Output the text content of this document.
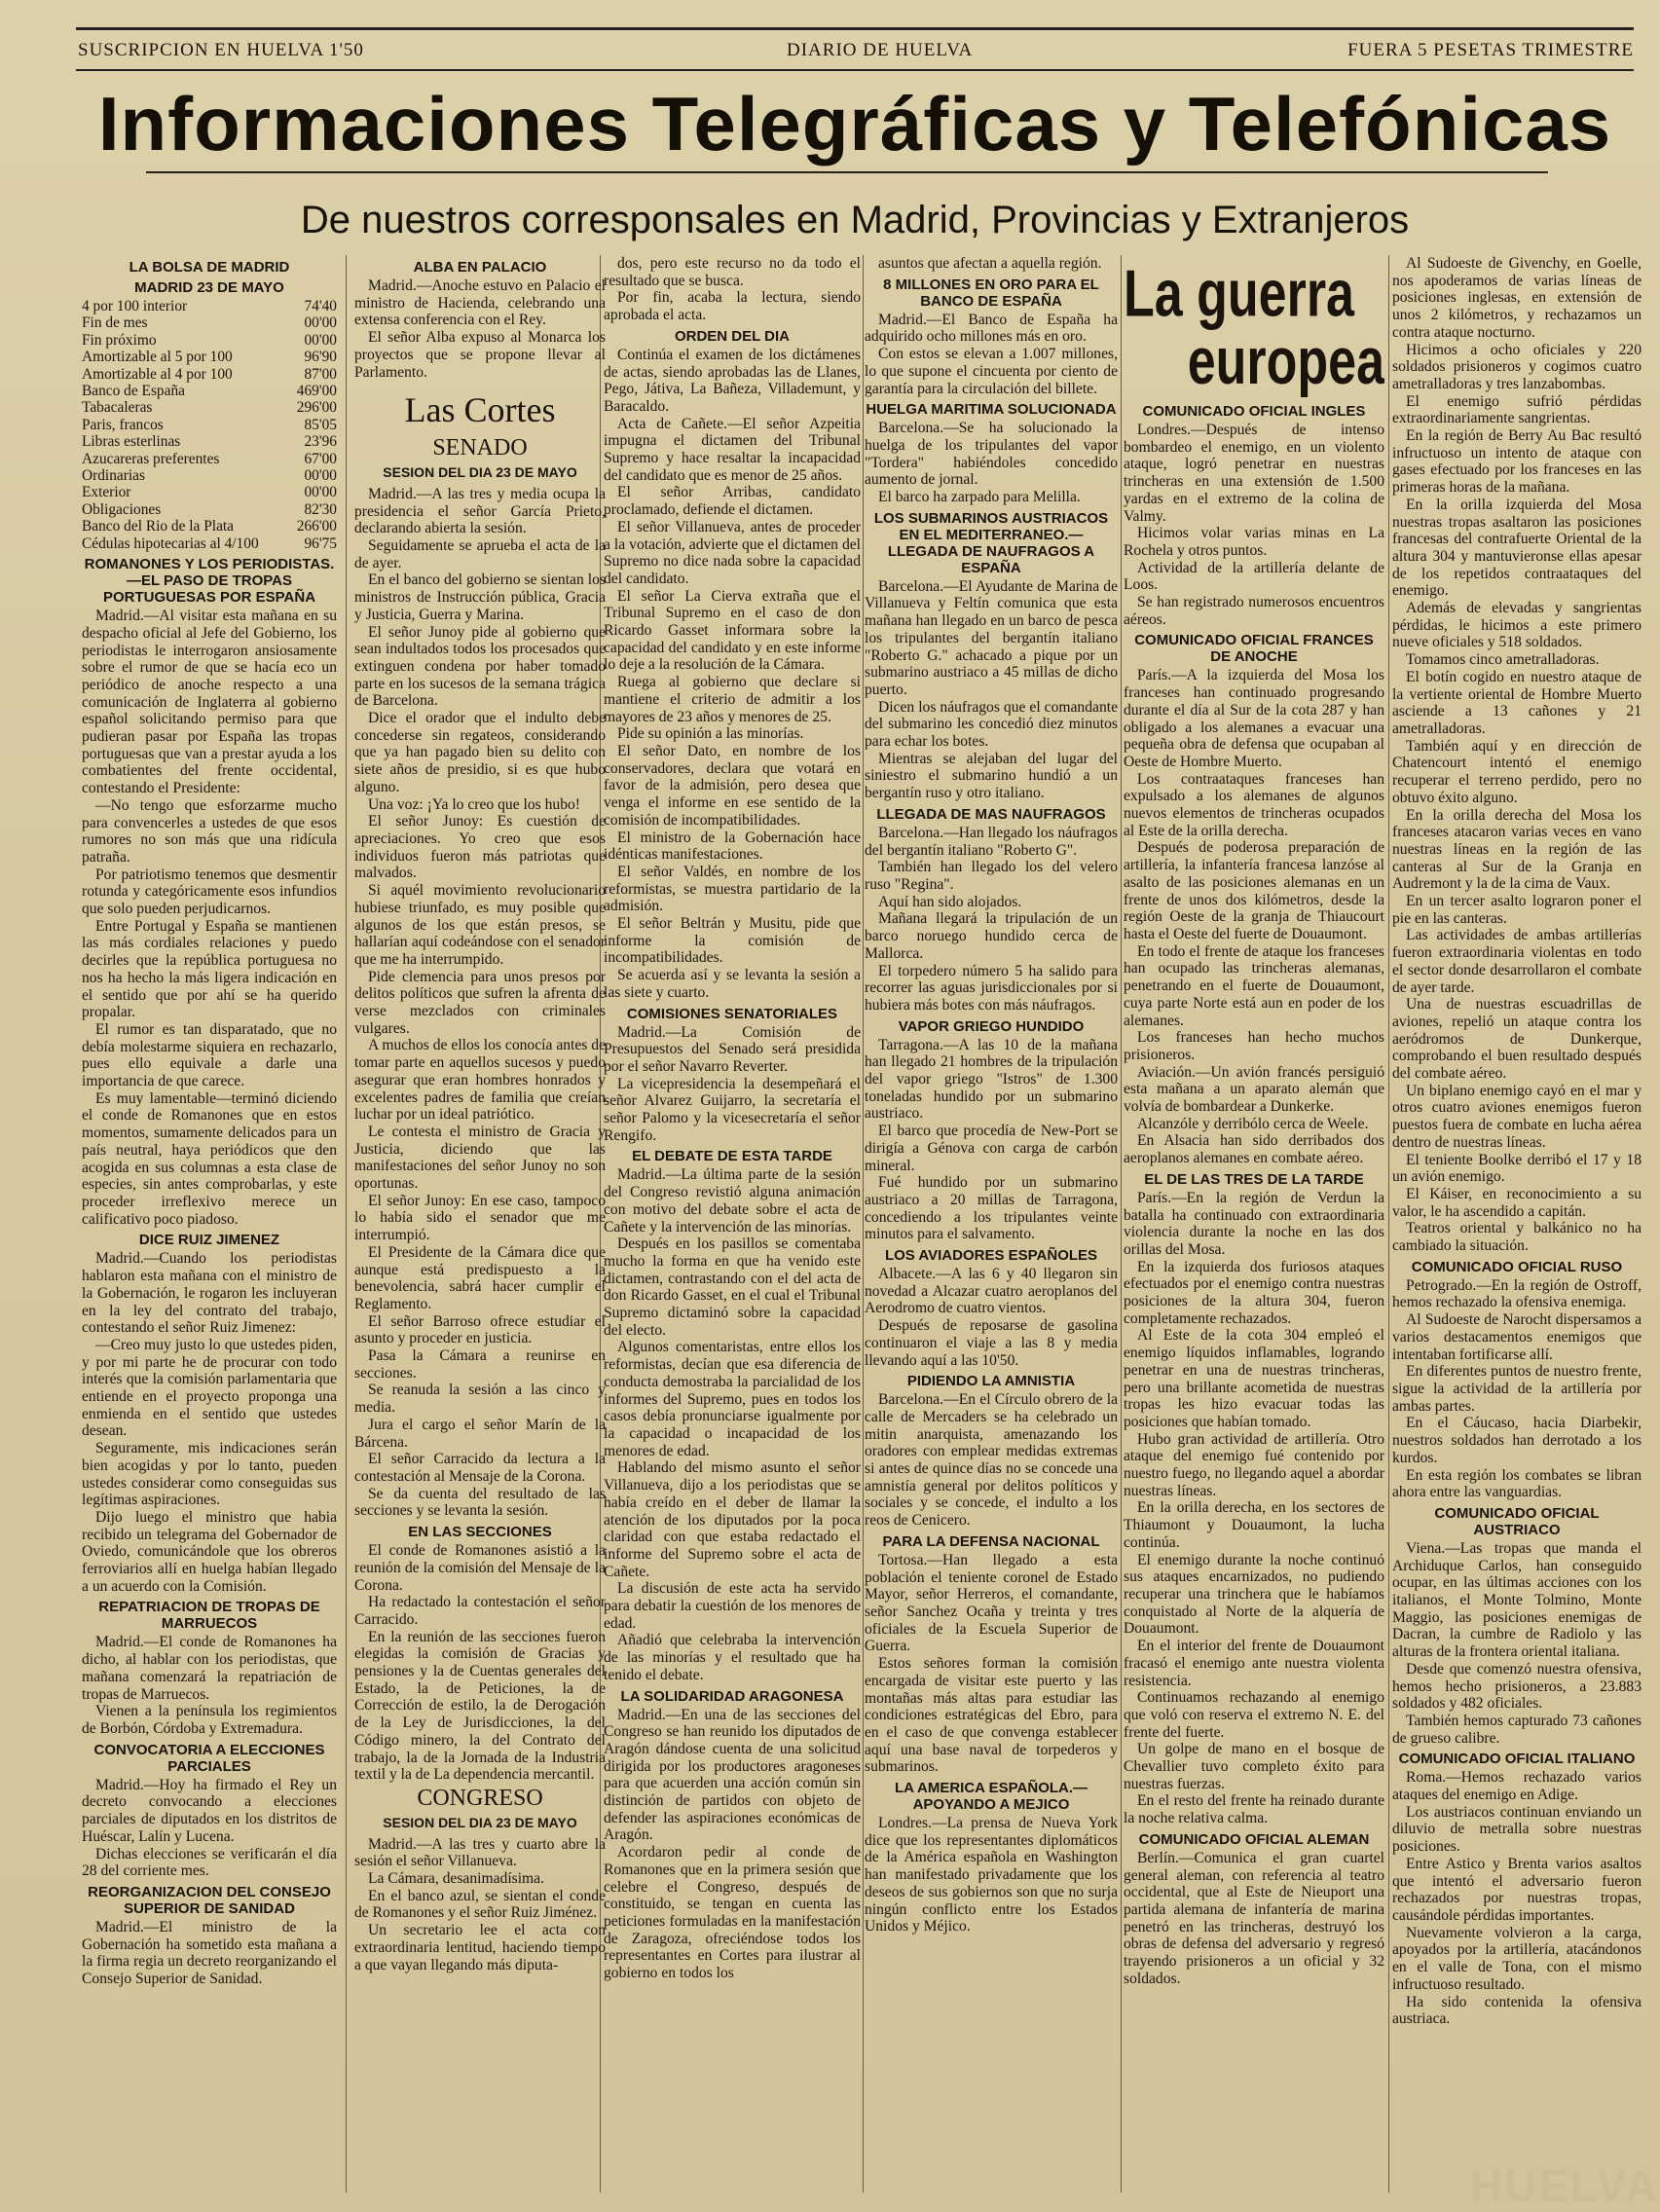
SUSCRIPCION EN HUELVA 1'50	DIARIO DE HUELVA	FUERA 5 PESETAS TRIMESTRE
Informaciones Telegráficas y Telefónicas
De nuestros corresponsales en Madrid, Provincias y Extranjeros
LA BOLSA DE MADRID
MADRID 23 DE MAYO
4 por 100 interior	74'40
Fin de mes	00'00
Fin próximo	00'00
Amortizable al 5 por 100	96'90
Amortizable al 4 por 100	87'00
Banco de España	469'00
Tabacaleras	296'00
Paris, francos	85'05
Libras esterlinas	23'96
Azucareras preferentes	67'00
Ordinarias	00'00
Exterior	00'00
Obligaciones	82'30
Banco del Rio de la Plata	266'00
Cédulas hipotecarias al 4/100	96'75
ROMANONES Y LOS PERIODISTAS.—EL PASO DE TROPAS PORTUGUESAS POR ESPAÑA

Madrid.—Al visitar esta mañana en su despacho oficial al Jefe del Gobierno, los periodistas le interrogaron ansiosamente sobre el rumor de que se hacía eco un periódico de anoche respecto a una comunicación de Inglaterra al gobierno español solicitando permiso para que pudieran pasar por España las tropas portuguesas que van a prestar ayuda a los combatientes del frente occidental, contestando el Presidente:

—No tengo que esforzarme mucho para convencerles a ustedes de que esos rumores no son más que una ridícula patraña.

Por patriotismo tenemos que desmentir rotunda y categóricamente esos infundios que solo pueden perjudicarnos.

Entre Portugal y España se mantienen las más cordiales relaciones y puedo decirles que la república portuguesa no nos ha hecho la más ligera indicación en el sentido que por ahí se ha querido propalar.

El rumor es tan disparatado, que no debía molestarme siquiera en rechazarlo, pues ello equivale a darle una importancia de que carece.

Es muy lamentable—terminó diciendo el conde de Romanones que en estos momentos, sumamente delicados para un país neutral, haya periódicos que den acogida en sus columnas a esta clase de especies, sin antes comprobarlas, y este proceder irreflexivo merece un calificativo poco piadoso.

DICE RUIZ JIMENEZ

Madrid.—Cuando los periodistas hablaron esta mañana con el ministro de la Gobernación, le rogaron les incluyeran en la ley del contrato del trabajo, contestando el señor Ruiz Jimenez:

—Creo muy justo lo que ustedes piden, y por mi parte he de procurar con todo interés que la comisión parlamentaria que entiende en el proyecto proponga una enmienda en el sentido que ustedes desean.

Seguramente, mis indicaciones serán bien acogidas y por lo tanto, pueden ustedes considerar como conseguidas sus legítimas aspiraciones.

Dijo luego el ministro que habia recibido un telegrama del Gobernador de Oviedo, comunicándole que los obreros ferroviarios allí en huelga habían llegado a un acuerdo con la Comisión.

REPATRIACION DE TROPAS DE MARRUECOS

Madrid.—El conde de Romanones ha dicho, al hablar con los periodistas, que mañana comenzará la repatriación de tropas de Marruecos.

Vienen a la península los regimientos de Borbón, Córdoba y Extremadura.

CONVOCATORIA A ELECCIONES PARCIALES

Madrid.—Hoy ha firmado el Rey un decreto convocando a elecciones parciales de diputados en los distritos de Huéscar, Lalín y Lucena.

Dichas elecciones se verificarán el día 28 del corriente mes.

REORGANIZACION DEL CONSEJO SUPERIOR DE SANIDAD

Madrid.—El ministro de la Gobernación ha sometido esta mañana a la firma regia un decreto reorganizando el Consejo Superior de Sanidad.

ALBA EN PALACIO

Madrid.—Anoche estuvo en Palacio el ministro de Hacienda, celebrando una extensa conferencia con el Rey.

El señor Alba expuso al Monarca los proyectos que se propone llevar al Parlamento.

Las Cortes
SENADO
SESION DEL DIA 23 DE MAYO

Madrid.—A las tres y media ocupa la presidencia el señor García Prieto, declarando abierta la sesión.

Seguidamente se aprueba el acta de la de ayer.

En el banco del gobierno se sientan los ministros de Instrucción pública, Gracia y Justicia, Guerra y Marina.

El señor Junoy pide al gobierno que sean indultados todos los procesados que extinguen condena por haber tomado parte en los sucesos de la semana trágica de Barcelona.

Dice el orador que el indulto debe concederse sin regateos, considerando que ya han pagado bien su delito con siete años de presidio, si es que hubo alguno.

Una voz: ¡Ya lo creo que los hubo!

El señor Junoy: Es cuestión de apreciaciones. Yo creo que esos individuos fueron más patriotas que malvados.

Si aquél movimiento revolucionario hubiese triunfado, es muy posible que algunos de los que están presos, se hallarían aquí codeándose con el senador que me ha interrumpido.

Pide clemencia para unos presos por delitos políticos que sufren la afrenta de verse mezclados con criminales vulgares.

A muchos de ellos los conocía antes de tomar parte en aquellos sucesos y puedo asegurar que eran hombres honrados y excelentes padres de familia que creían luchar por un ideal patriótico.

Le contesta el ministro de Gracia y Justicia, diciendo que las manifestaciones del señor Junoy no son oportunas.

El señor Junoy: En ese caso, tampoco lo había sido el senador que me interrumpió.

El Presidente de la Cámara dice que aunque está predispuesto a la benevolencia, sabrá hacer cumplir el Reglamento.

El señor Barroso ofrece estudiar el asunto y proceder en justicia.

Pasa la Cámara a reunirse en secciones.

Se reanuda la sesión a las cinco y media.

Jura el cargo el señor Marín de la Bárcena.

El señor Carracido da lectura a la contestación al Mensaje de la Corona.

Se da cuenta del resultado de las secciones y se levanta la sesión.

EN LAS SECCIONES

El conde de Romanones asistió a la reunión de la comisión del Mensaje de la Corona.

Ha redactado la contestación el señor Carracido.

En la reunión de las secciones fueron elegidas la comisión de Gracias y pensiones y la de Cuentas generales del Estado, la de Peticiones, la de Corrección de estilo, la de Derogación de la Ley de Jurisdicciones, la del Código minero, la del Contrato del trabajo, la de la Jornada de la Industria textil y la de La dependencia mercantil.

CONGRESO
SESION DEL DIA 23 DE MAYO

Madrid.—A las tres y cuarto abre la sesión el señor Villanueva.

La Cámara, desanimadísima.

En el banco azul, se sientan el conde de Romanones y el señor Ruiz Jiménez.

Un secretario lee el acta con extraordinaria lentitud, haciendo tiempo a que vayan llegando más diputa-

dos, pero este recurso no da todo el resultado que se busca.

Por fin, acaba la lectura, siendo aprobada el acta.

ORDEN DEL DIA

Continúa el examen de los dictámenes de actas, siendo aprobadas las de Llanes, Pego, Játiva, La Bañeza, Villademunt, y Baracaldo.

Acta de Cañete.—El señor Azpeitia impugna el dictamen del Tribunal Supremo y hace resaltar la incapacidad del candidato que es menor de 25 años.

El señor Arribas, candidato proclamado, defiende el dictamen.

El señor Villanueva, antes de proceder a la votación, advierte que el dictamen del Supremo no dice nada sobre la capacidad del candidato.

El señor La Cierva extraña que el Tribunal Supremo en el caso de don Ricardo Gasset informara sobre la capacidad del candidato y en este informe lo deje a la resolución de la Cámara.

Ruega al gobierno que declare si mantiene el criterio de admitir a los mayores de 23 años y menores de 25.

Pide su opinión a las minorías.

El señor Dato, en nombre de los conservadores, declara que votará en favor de la admisión, pero desea que venga el informe en ese sentido de la comisión de incompatibilidades.

El ministro de la Gobernación hace idénticas manifestaciones.

El señor Valdés, en nombre de los reformistas, se muestra partidario de la admisión.

El señor Beltrán y Musitu, pide que informe la comisión de incompatibilidades.

Se acuerda así y se levanta la sesión a las siete y cuarto.

COMISIONES SENATORIALES

Madrid.—La Comisión de Presupuestos del Senado será presidida por el señor Navarro Reverter.

La vicepresidencia la desempeñará el señor Alvarez Guijarro, la secretaría el señor Palomo y la vicesecretaría el señor Rengifo.

EL DEBATE DE ESTA TARDE

Madrid.—La última parte de la sesión del Congreso revistió alguna animación con motivo del debate sobre el acta de Cañete y la intervención de las minorías.

Después en los pasillos se comentaba mucho la forma en que ha venido este dictamen, contrastando con el del acta de don Ricardo Gasset, en el cual el Tribunal Supremo dictaminó sobre la capacidad del electo.

Algunos comentaristas, entre ellos los reformistas, decían que esa diferencia de conducta demostraba la parcialidad de los informes del Supremo, pues en todos los casos debía pronunciarse igualmente por la capacidad o incapacidad de los menores de edad.

Hablando del mismo asunto el señor Villanueva, dijo a los periodistas que se había creído en el deber de llamar la atención de los diputados por la poca claridad con que estaba redactado el informe del Supremo sobre el acta de Cañete.

La discusión de este acta ha servido para debatir la cuestión de los menores de edad.

Añadió que celebraba la intervención de las minorías y el resultado que ha tenido el debate.

LA SOLIDARIDAD ARAGONESA

Madrid.—En una de las secciones del Congreso se han reunido los diputados de Aragón dándose cuenta de una solicitud dirigida por los productores aragoneses para que acuerden una acción común sin distinción de partidos con objeto de defender las aspiraciones económicas de Aragón.

Acordaron pedir al conde de Romanones que en la primera sesión que celebre el Congreso, después de constituido, se tengan en cuenta las peticiones formuladas en la manifestación de Zaragoza, ofreciéndose todos los representantes en Cortes para ilustrar al gobierno en todos los

asuntos que afectan a aquella región.

8 MILLONES EN ORO PARA EL BANCO DE ESPAÑA

Madrid.—El Banco de España ha adquirido ocho millones más en oro.

Con estos se elevan a 1.007 millones, lo que supone el cincuenta por ciento de garantía para la circulación del billete.

HUELGA MARITIMA SOLUCIONADA

Barcelona.—Se ha solucionado la huelga de los tripulantes del vapor "Tordera" habiéndoles concedido aumento de jornal.

El barco ha zarpado para Melilla.

LOS SUBMARINOS AUSTRIACOS EN EL MEDITERRANEO.—LLEGADA DE NAUFRAGOS A ESPAÑA

Barcelona.—El Ayudante de Marina de Villanueva y Feltín comunica que esta mañana han llegado en un barco de pesca los tripulantes del bergantín italiano "Roberto G." achacado a pique por un submarino austriaco a 45 millas de dicho puerto.

Dicen los náufragos que el comandante del submarino les concedió diez minutos para echar los botes.

Mientras se alejaban del lugar del siniestro el submarino hundió a un bergantín ruso y otro italiano.

LLEGADA DE MAS NAUFRAGOS

Barcelona.—Han llegado los náufragos del bergantín italiano "Roberto G".

También han llegado los del velero ruso "Regina".

Aquí han sido alojados.

Mañana llegará la tripulación de un barco noruego hundido cerca de Mallorca.

El torpedero número 5 ha salido para recorrer las aguas jurisdiccionales por si hubiera más botes con más náufragos.

VAPOR GRIEGO HUNDIDO

Tarragona.—A las 10 de la mañana han llegado 21 hombres de la tripulación del vapor griego "Istros" de 1.300 toneladas hundido por un submarino austriaco.

El barco que procedía de New-Port se dirigía a Génova con carga de carbón mineral.

Fué hundido por un submarino austriaco a 20 millas de Tarragona, concediendo a los tripulantes veinte minutos para el salvamento.

LOS AVIADORES ESPAÑOLES

Albacete.—A las 6 y 40 llegaron sin novedad a Alcazar cuatro aeroplanos del Aerodromo de cuatro vientos.

Después de reposarse de gasolina continuaron el viaje a las 8 y media llevando aquí a las 10'50.

PIDIENDO LA AMNISTIA

Barcelona.—En el Círculo obrero de la calle de Mercaders se ha celebrado un mitin anarquista, amenazando los oradores con emplear medidas extremas si antes de quince días no se concede una amnistía general por delitos políticos y sociales y se concede, el indulto a los reos de Cenicero.

PARA LA DEFENSA NACIONAL

Tortosa.—Han llegado a esta población el teniente coronel de Estado Mayor, señor Herreros, el comandante, señor Sanchez Ocaña y treinta y tres oficiales de la Escuela Superior de Guerra.

Estos señores forman la comisión encargada de visitar este puerto y las montañas más altas para estudiar las condiciones estratégicas del Ebro, para en el caso de que convenga establecer aquí una base naval de torpederos y submarinos.

LA AMERICA ESPAÑOLA.—APOYANDO A MEJICO

Londres.—La prensa de Nueva York dice que los representantes diplomáticos de la América española en Washington han manifestado privadamente que los deseos de sus gobiernos son que no surja ningún conflicto entre los Estados Unidos y Méjico.

La guerra
europea
COMUNICADO OFICIAL INGLES

Londres.—Después de intenso bombardeo el enemigo, en un violento ataque, logró penetrar en nuestras trincheras en una extensión de 1.500 yardas en el extremo de la colina de Valmy.

Hicimos volar varias minas en La Rochela y otros puntos.

Actividad de la artillería delante de Loos.

Se han registrado numerosos encuentros aéreos.

COMUNICADO OFICIAL FRANCES DE ANOCHE

París.—A la izquierda del Mosa los franceses han continuado progresando durante el día al Sur de la cota 287 y han obligado a los alemanes a evacuar una pequeña obra de defensa que ocupaban al Oeste de Hombre Muerto.

Los contraataques franceses han expulsado a los alemanes de algunos nuevos elementos de trincheras ocupados al Este de la orilla derecha.

Después de poderosa preparación de artillería, la infantería francesa lanzóse al asalto de las posiciones alemanas en un frente de unos dos kilómetros, desde la región Oeste de la granja de Thiaucourt hasta el Oeste del fuerte de Douaumont.

En todo el frente de ataque los franceses han ocupado las trincheras alemanas, penetrando en el fuerte de Douaumont, cuya parte Norte está aun en poder de los alemanes.

Los franceses han hecho muchos prisioneros.

Aviación.—Un avión francés persiguió esta mañana a un aparato alemán que volvía de bombardear a Dunkerke.

Alcanzóle y derribólo cerca de Weele.

En Alsacia han sido derribados dos aeroplanos alemanes en combate aéreo.

EL DE LAS TRES DE LA TARDE

París.—En la región de Verdun la batalla ha continuado con extraordinaria violencia durante la noche en las dos orillas del Mosa.

En la izquierda dos furiosos ataques efectuados por el enemigo contra nuestras posiciones de la altura 304, fueron completamente rechazados.

Al Este de la cota 304 empleó el enemigo líquidos inflamables, logrando penetrar en una de nuestras trincheras, pero una brillante acometida de nuestras tropas les hizo evacuar todas las posiciones que habían tomado.

Hubo gran actividad de artillería. Otro ataque del enemigo fué contenido por nuestro fuego, no llegando aquel a abordar nuestras líneas.

En la orilla derecha, en los sectores de Thiaumont y Douaumont, la lucha continúa.

El enemigo durante la noche continuó sus ataques encarnizados, no pudiendo recuperar una trinchera que le habíamos conquistado al Norte de la alquería de Douaumont.

En el interior del frente de Douaumont fracasó el enemigo ante nuestra violenta resistencia.

Continuamos rechazando al enemigo que voló con reserva el extremo N. E. del frente del fuerte.

Un golpe de mano en el bosque de Chevallier tuvo completo éxito para nuestras fuerzas.

En el resto del frente ha reinado durante la noche relativa calma.

COMUNICADO OFICIAL ALEMAN

Berlín.—Comunica el gran cuartel general aleman, con referencia al teatro occidental, que al Este de Nieuport una partida alemana de infantería de marina penetró en las trincheras, destruyó los obras de defensa del adversario y regresó trayendo prisioneros a un oficial y 32 soldados.

Al Sudoeste de Givenchy, en Goelle, nos apoderamos de varias líneas de posiciones inglesas, en extensión de unos 2 kilómetros, y rechazamos un contra ataque nocturno.

Hicimos a ocho oficiales y 220 soldados prisioneros y cogimos cuatro ametralladoras y tres lanzabombas.

El enemigo sufrió pérdidas extraordinariamente sangrientas.

En la región de Berry Au Bac resultó infructuoso un intento de ataque con gases efectuado por los franceses en las primeras horas de la mañana.

En la orilla izquierda del Mosa nuestras tropas asaltaron las posiciones francesas del contrafuerte Oriental de la altura 304 y mantuvieronse ellas apesar de los repetidos contraataques del enemigo.

Además de elevadas y sangrientas pérdidas, le hicimos a este primero nueve oficiales y 518 soldados.

Tomamos cinco ametralladoras.

El botín cogido en nuestro ataque de la vertiente oriental de Hombre Muerto asciende a 13 cañones y 21 ametralladoras.

También aquí y en dirección de Chatencourt intentó el enemigo recuperar el terreno perdido, pero no obtuvo éxito alguno.

En la orilla derecha del Mosa los franceses atacaron varias veces en vano nuestras líneas en la región de las canteras al Sur de la Granja en Audremont y la de la cima de Vaux.

En un tercer asalto lograron poner el pie en las canteras.

Las actividades de ambas artillerías fueron extraordinaria violentas en todo el sector donde desarrollaron el combate de ayer tarde.

Una de nuestras escuadrillas de aviones, repelió un ataque contra los aeródromos de Dunkerque, comprobando el buen resultado después del combate aéreo.

Un biplano enemigo cayó en el mar y otros cuatro aviones enemigos fueron puestos fuera de combate en lucha aérea dentro de nuestras líneas.

El teniente Boolke derribó el 17 y 18 un avión enemigo.

El Káiser, en reconocimiento a su valor, le ha ascendido a capitán.

Teatros oriental y balkánico no ha cambiado la situación.

COMUNICADO OFICIAL RUSO

Petrogrado.—En la región de Ostroff, hemos rechazado la ofensiva enemiga.

Al Sudoeste de Narocht dispersamos a varios destacamentos enemigos que intentaban fortificarse allí.

En diferentes puntos de nuestro frente, sigue la actividad de la artillería por ambas partes.

En el Cáucaso, hacia Diarbekir, nuestros soldados han derrotado a los kurdos.

En esta región los combates se libran ahora entre las vanguardias.

COMUNICADO OFICIAL AUSTRIACO

Viena.—Las tropas que manda el Archiduque Carlos, han conseguido ocupar, en las últimas acciones con los italianos, el Monte Tolmino, Monte Maggio, las posiciones enemigas de Dacran, la cumbre de Radiolo y las alturas de la frontera oriental italiana.

Desde que comenzó nuestra ofensiva, hemos hecho prisioneros, a 23.883 soldados y 482 oficiales.

También hemos capturado 73 cañones de grueso calibre.

COMUNICADO OFICIAL ITALIANO

Roma.—Hemos rechazado varios ataques del enemigo en Adige.

Los austriacos continuan enviando un diluvio de metralla sobre nuestras posiciones.

Entre Astico y Brenta varios asaltos que intentó el adversario fueron rechazados por nuestras tropas, causándole pérdidas importantes.

Nuevamente volvieron a la carga, apoyados por la artillería, atacándonos en el valle de Tona, con el mismo infructuoso resultado.

Ha sido contenida la ofensiva austriaca.

HUELVA
